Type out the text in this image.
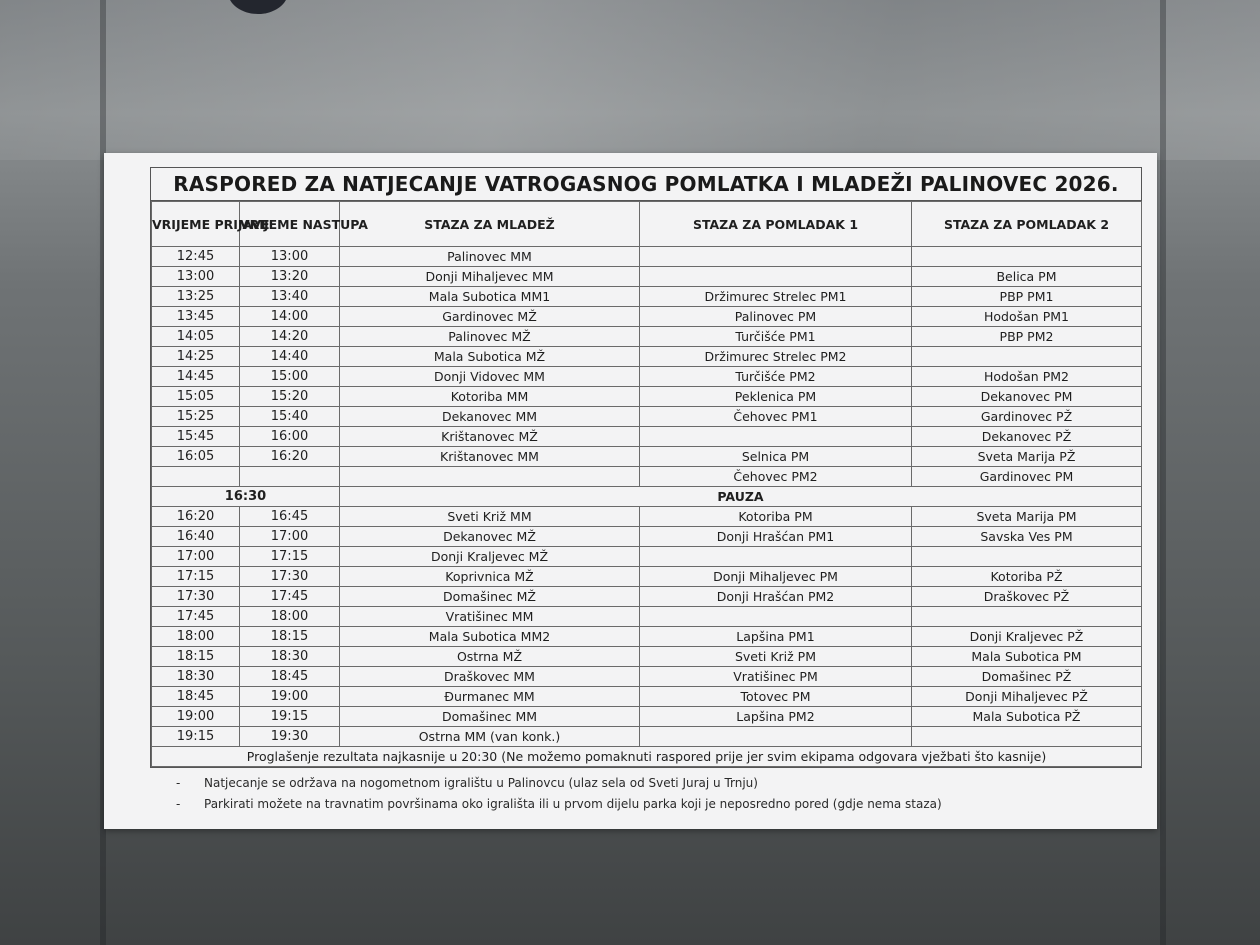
RASPORED ZA NATJECANJE VATROGASNOG POMLATKA I MLADEŽI PALINOVEC 2026.
VRIJEME PRIJAVE	VRIJEME NASTUPA	STAZA ZA MLADEŽ	STAZA ZA POMLADAK 1	STAZA ZA POMLADAK 2
12:45	13:00	Palinovec MM		
13:00	13:20	Donji Mihaljevec MM		Belica PM
13:25	13:40	Mala Subotica MM1	Držimurec Strelec PM1	PBP PM1
13:45	14:00	Gardinovec MŽ	Palinovec PM	Hodošan PM1
14:05	14:20	Palinovec MŽ	Turčišće PM1	PBP PM2
14:25	14:40	Mala Subotica MŽ	Držimurec Strelec PM2	
14:45	15:00	Donji Vidovec MM	Turčišće PM2	Hodošan PM2
15:05	15:20	Kotoriba MM	Peklenica PM	Dekanovec PM
15:25	15:40	Dekanovec MM	Čehovec PM1	Gardinovec PŽ
15:45	16:00	Krištanovec MŽ		Dekanovec PŽ
16:05	16:20	Krištanovec MM	Selnica PM	Sveta Marija PŽ
			Čehovec PM2	Gardinovec PM
16:30		PAUZA		
16:20	16:45	Sveti Križ MM	Kotoriba PM	Sveta Marija PM
16:40	17:00	Dekanovec MŽ	Donji Hrašćan PM1	Savska Ves PM
17:00	17:15	Donji Kraljevec MŽ		
17:15	17:30	Koprivnica MŽ	Donji Mihaljevec PM	Kotoriba PŽ
17:30	17:45	Domašinec MŽ	Donji Hrašćan PM2	Draškovec PŽ
17:45	18:00	Vratišinec MM		
18:00	18:15	Mala Subotica MM2	Lapšina PM1	Donji Kraljevec PŽ
18:15	18:30	Ostrna MŽ	Sveti Križ PM	Mala Subotica PM
18:30	18:45	Draškovec MM	Vratišinec PM	Domašinec PŽ
18:45	19:00	Đurmanec MM	Totovec PM	Donji Mihaljevec PŽ
19:00	19:15	Domašinec MM	Lapšina PM2	Mala Subotica PŽ
19:15	19:30	Ostrna MM (van konk.)		
Proglašenje rezultata najkasnije u 20:30 (Ne možemo pomaknuti raspored prije jer svim ekipama odgovara vježbati što kasnije)				
-	Natjecanje se održava na nogometnom igralištu u Palinovcu (ulaz sela od Sveti Juraj u Trnju)
-	Parkirati možete na travnatim površinama oko igrališta ili u prvom dijelu parka koji je neposredno pored (gdje nema staza)
